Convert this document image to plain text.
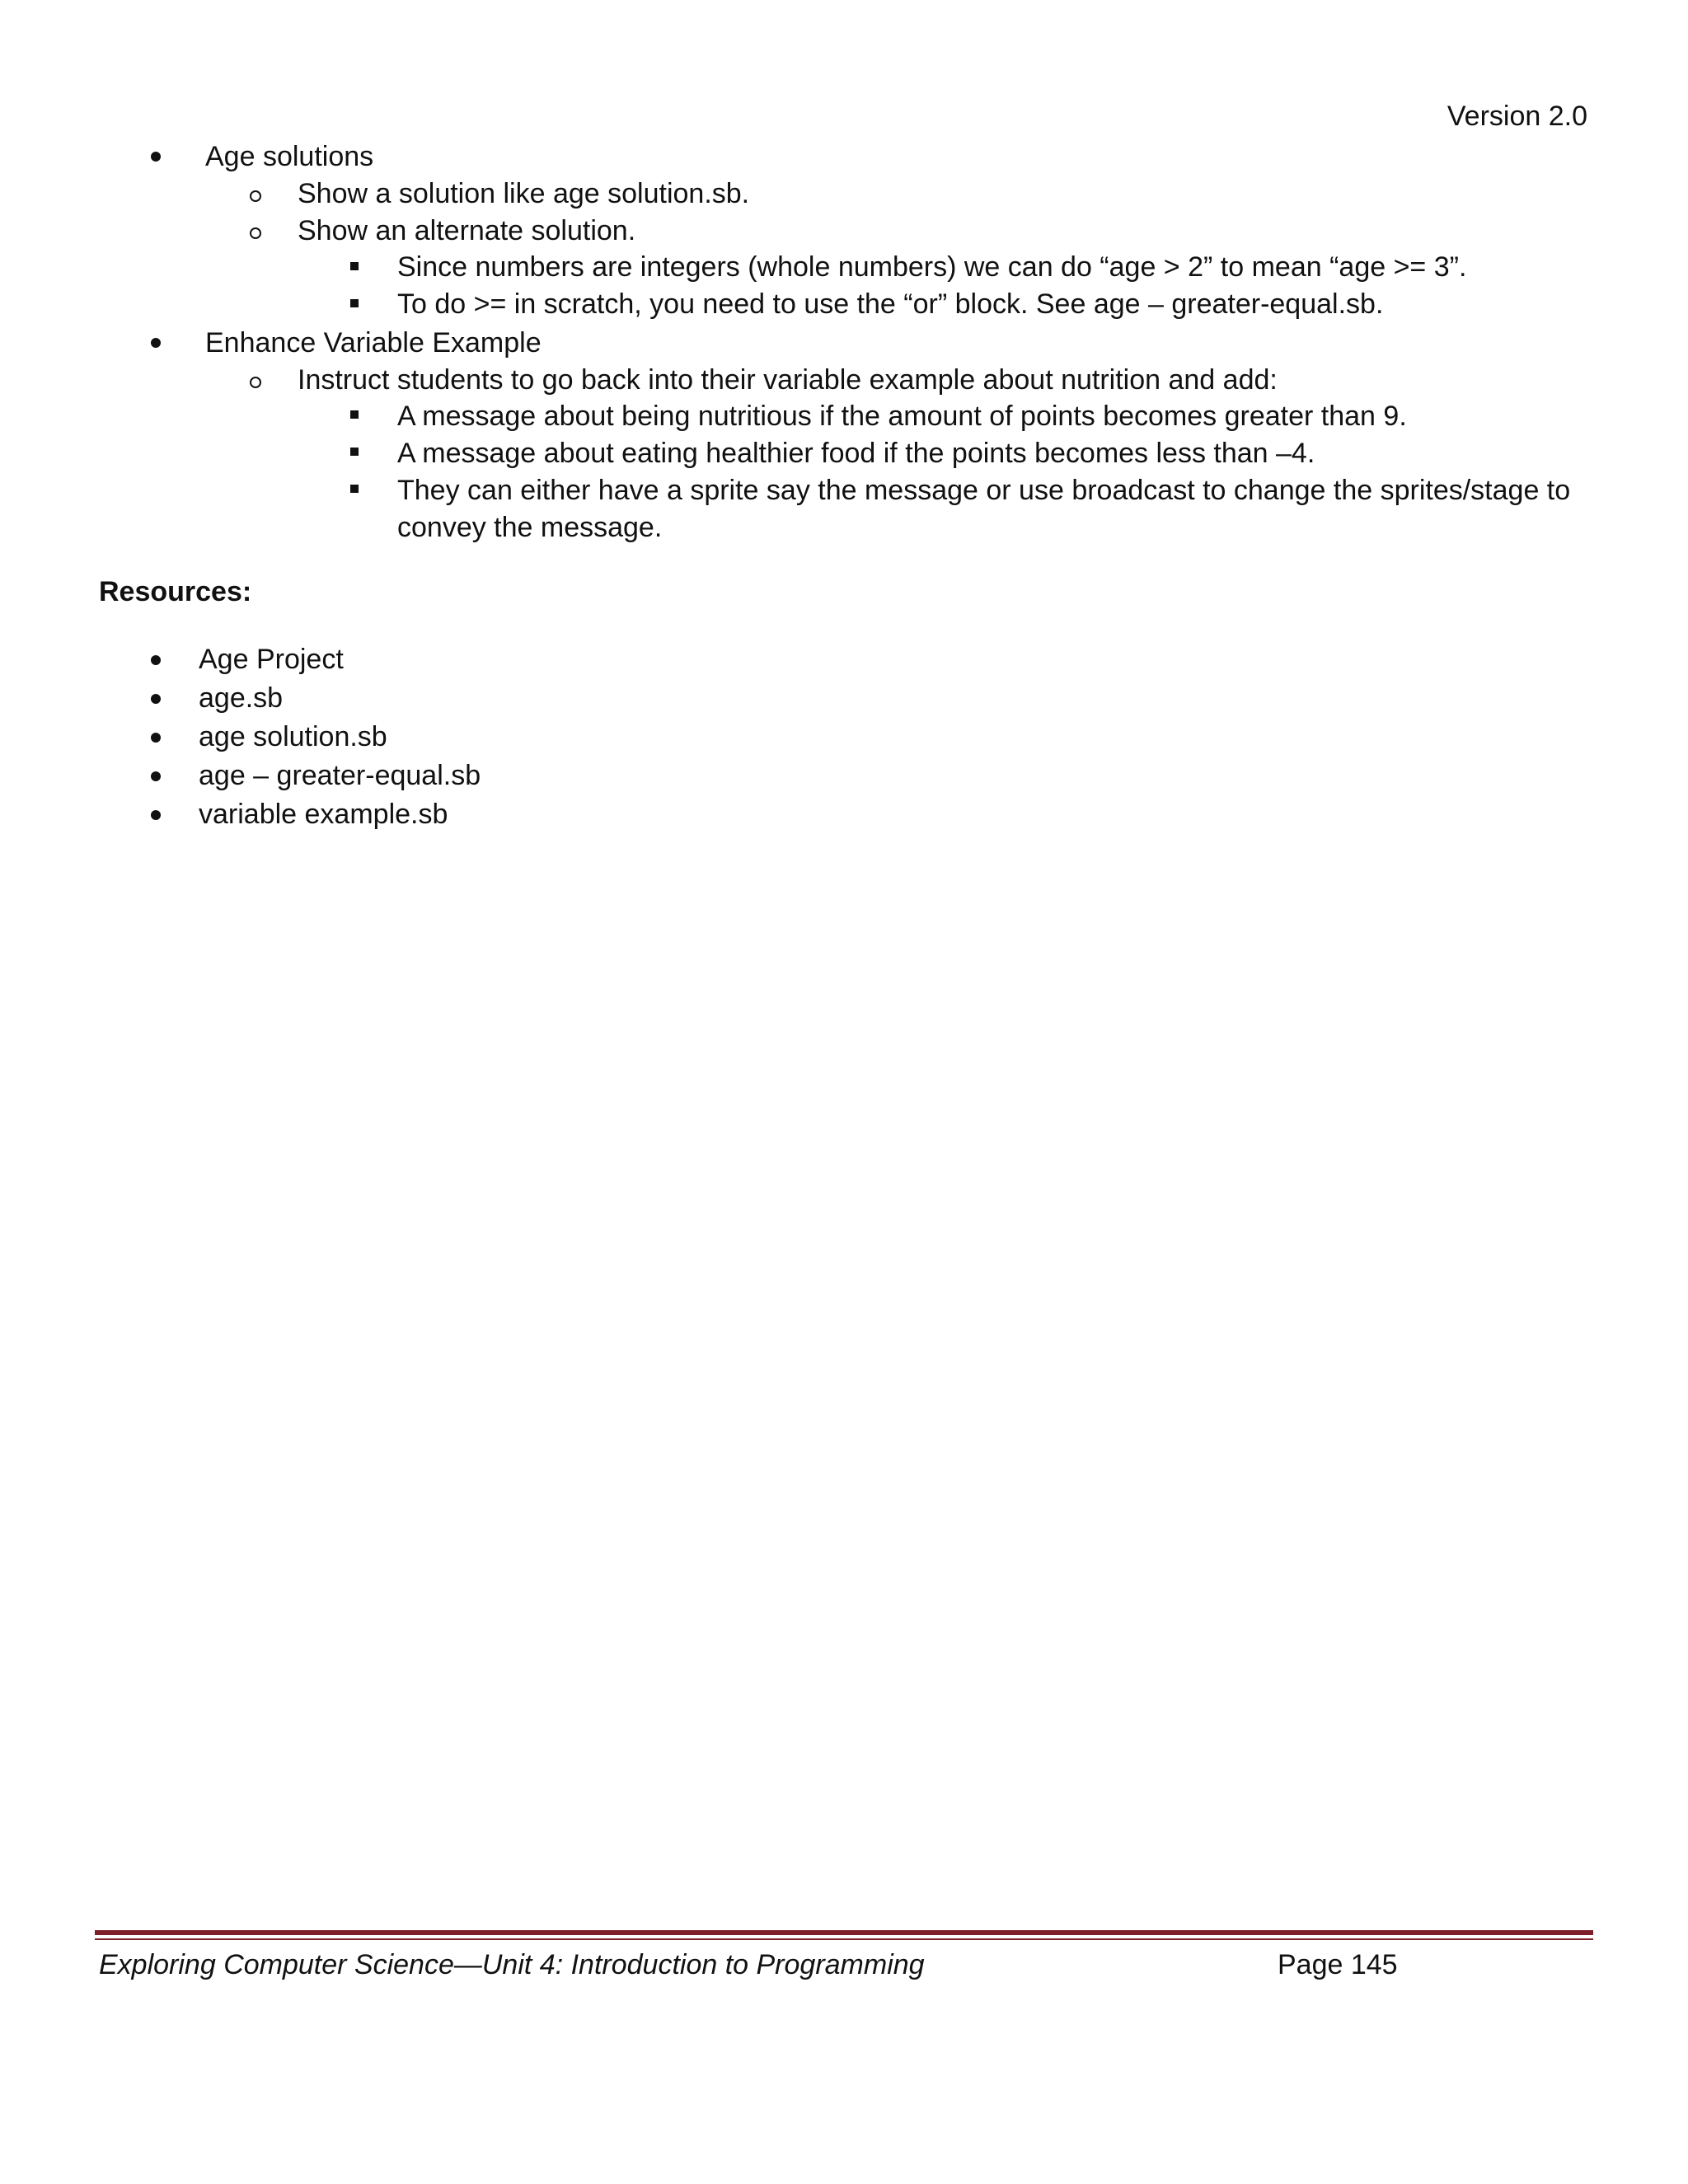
Version 2.0
Age solutions
Show a solution like age solution.sb.
Show an alternate solution.
Since numbers are integers (whole numbers) we can do “age > 2” to mean “age >= 3”.
To do >= in scratch, you need to use the “or” block. See age – greater-equal.sb.
Enhance Variable Example
Instruct students to go back into their variable example about nutrition and add:
A message about being nutritious if the amount of points becomes greater than 9.
A message about eating healthier food if the points becomes less than –4.
They can either have a sprite say the message or use broadcast to change the sprites/stage to
convey the message.
Resources:
Age Project
age.sb
age solution.sb
age – greater-equal.sb
variable example.sb
Exploring Computer Science—Unit 4: Introduction to Programming	Page 145
